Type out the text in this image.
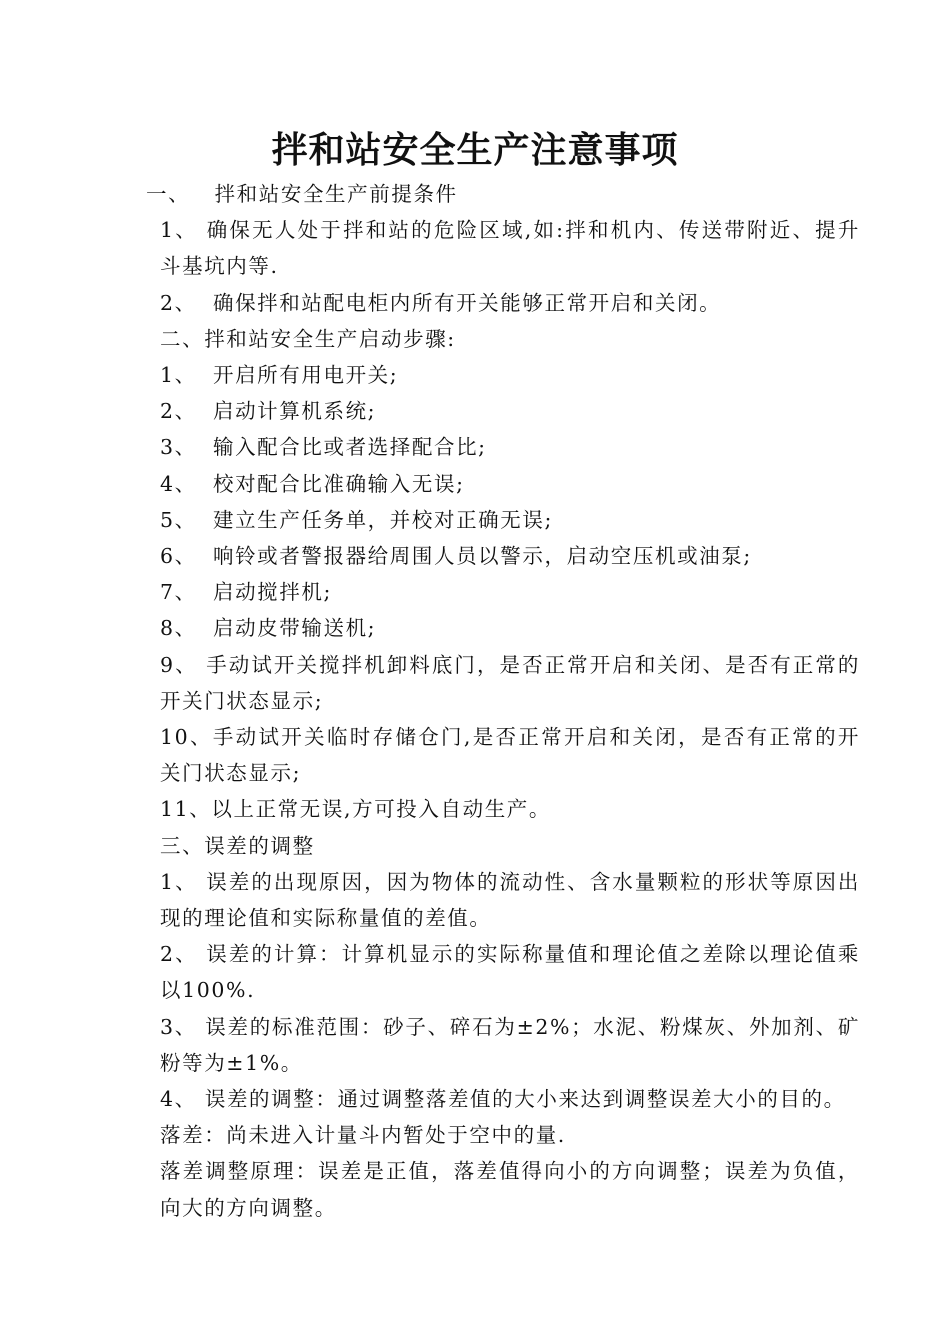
拌和站安全生产注意事项
一、   拌和站安全生产前提条件
1、 确保无人处于拌和站的危险区域,如:拌和机内、传送带附近、提升斗基坑内等.
2、  确保拌和站配电柜内所有开关能够正常开启和关闭。
二、拌和站安全生产启动步骤:
1、  开启所有用电开关;
2、  启动计算机系统;
3、  输入配合比或者选择配合比;
4、  校对配合比准确输入无误;
5、  建立生产任务单，并校对正确无误;
6、  响铃或者警报器给周围人员以警示，启动空压机或油泵;
7、  启动搅拌机;
8、  启动皮带输送机;
9、 手动试开关搅拌机卸料底门，是否正常开启和关闭、是否有正常的开关门状态显示;
10、手动试开关临时存储仓门,是否正常开启和关闭，是否有正常的开关门状态显示;
11、以上正常无误,方可投入自动生产。
三、误差的调整
1、 误差的出现原因，因为物体的流动性、含水量颗粒的形状等原因出现的理论值和实际称量值的差值。
2、 误差的计算：计算机显示的实际称量值和理论值之差除以理论值乘以100%.
3、 误差的标准范围：砂子、碎石为±2%；水泥、粉煤灰、外加剂、矿粉等为±1%。
4、 误差的调整：通过调整落差值的大小来达到调整误差大小的目的。
落差：尚未进入计量斗内暂处于空中的量.
落差调整原理：误差是正值，落差值得向小的方向调整；误差为负值，向大的方向调整。
